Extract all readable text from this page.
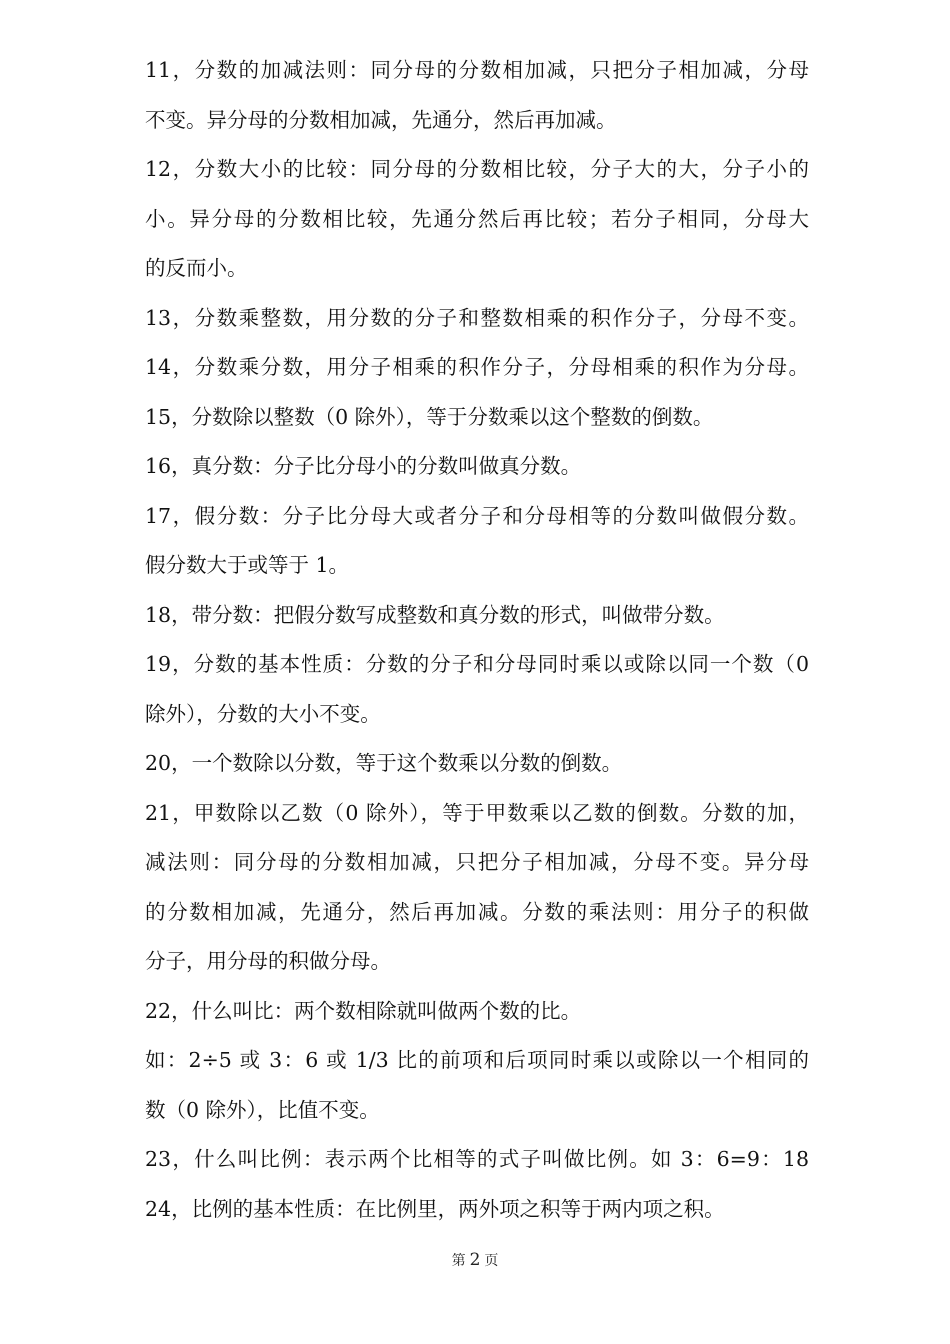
11，分数的加减法则：同分母的分数相加减，只把分子相加减，分母
不变。异分母的分数相加减，先通分，然后再加减。
12，分数大小的比较：同分母的分数相比较，分子大的大，分子小的
小。异分母的分数相比较，先通分然后再比较；若分子相同，分母大
的反而小。
13，分数乘整数，用分数的分子和整数相乘的积作分子，分母不变。
14，分数乘分数，用分子相乘的积作分子，分母相乘的积作为分母。
15，分数除以整数（0 除外），等于分数乘以这个整数的倒数。
16，真分数：分子比分母小的分数叫做真分数。
17，假分数：分子比分母大或者分子和分母相等的分数叫做假分数。
假分数大于或等于 1。
18，带分数：把假分数写成整数和真分数的形式，叫做带分数。
19，分数的基本性质：分数的分子和分母同时乘以或除以同一个数（0
除外），分数的大小不变。
20，一个数除以分数，等于这个数乘以分数的倒数。
21，甲数除以乙数（0 除外），等于甲数乘以乙数的倒数。分数的加，
减法则：同分母的分数相加减，只把分子相加减，分母不变。异分母
的分数相加减，先通分，然后再加减。分数的乘法则：用分子的积做
分子，用分母的积做分母。
22，什么叫比：两个数相除就叫做两个数的比。
如：2÷5 或 3：6 或 1/3 比的前项和后项同时乘以或除以一个相同的
数（0 除外），比值不变。
23，什么叫比例：表示两个比相等的式子叫做比例。如 3：6=9：18
24，比例的基本性质：在比例里，两外项之积等于两内项之积。
第 2 页
